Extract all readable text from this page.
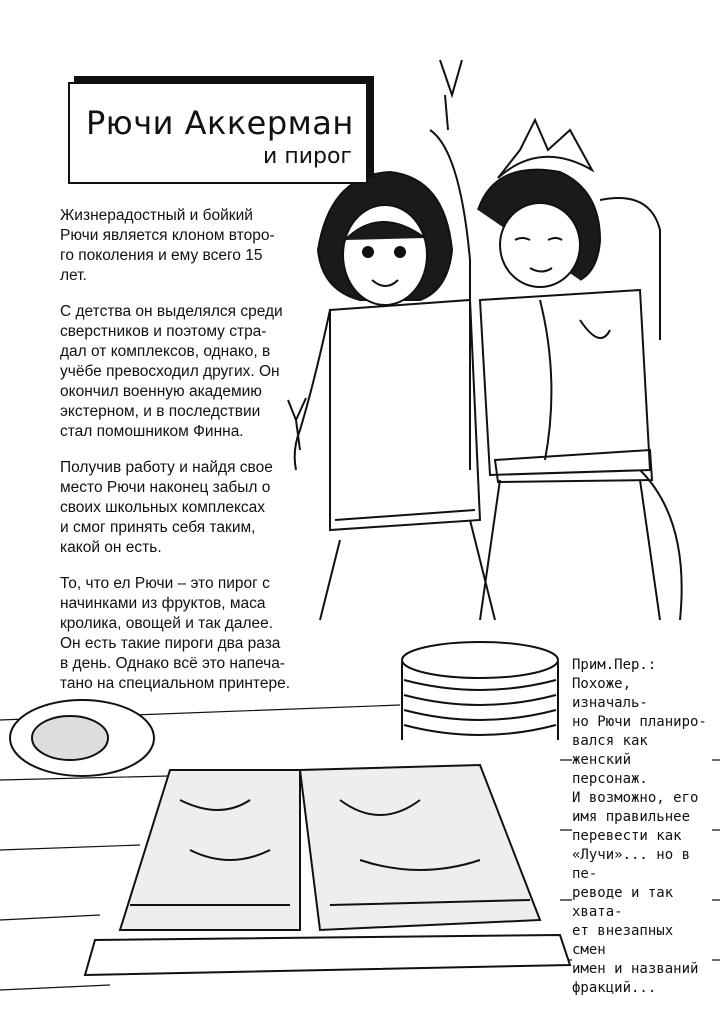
Рючи Аккерман
и пирог

Жизнерадостный и бойкий
Рючи является клоном второ-
го поколения и ему всего 15
лет.

С детства он выделялся среди
сверстников и поэтому стра-
дал от комплексов, однако, в
учёбе превосходил других. Он
окончил военную академию
экстерном, и в последствии
стал помошником Финна.

Получив работу и найдя свое
место Рючи наконец забыл о
своих школьных комплексах
и смог принять себя таким,
какой он есть.

То, что ел Рючи – это пирог с
начинками из фруктов, маса
кролика, овощей и так далее.
Он есть такие пироги два раза
в день. Однако всё это напеча-
тано на специальном принтере.

Прим.Пер.:
Похоже, изначаль-
но Рючи планиро-
вался как женский
персонаж.
И возможно, его
имя правильнее
перевести как
«Лучи»... но в пе-
реводе и так хвата-
ет внезапных смен
имен и названий
фракций...
